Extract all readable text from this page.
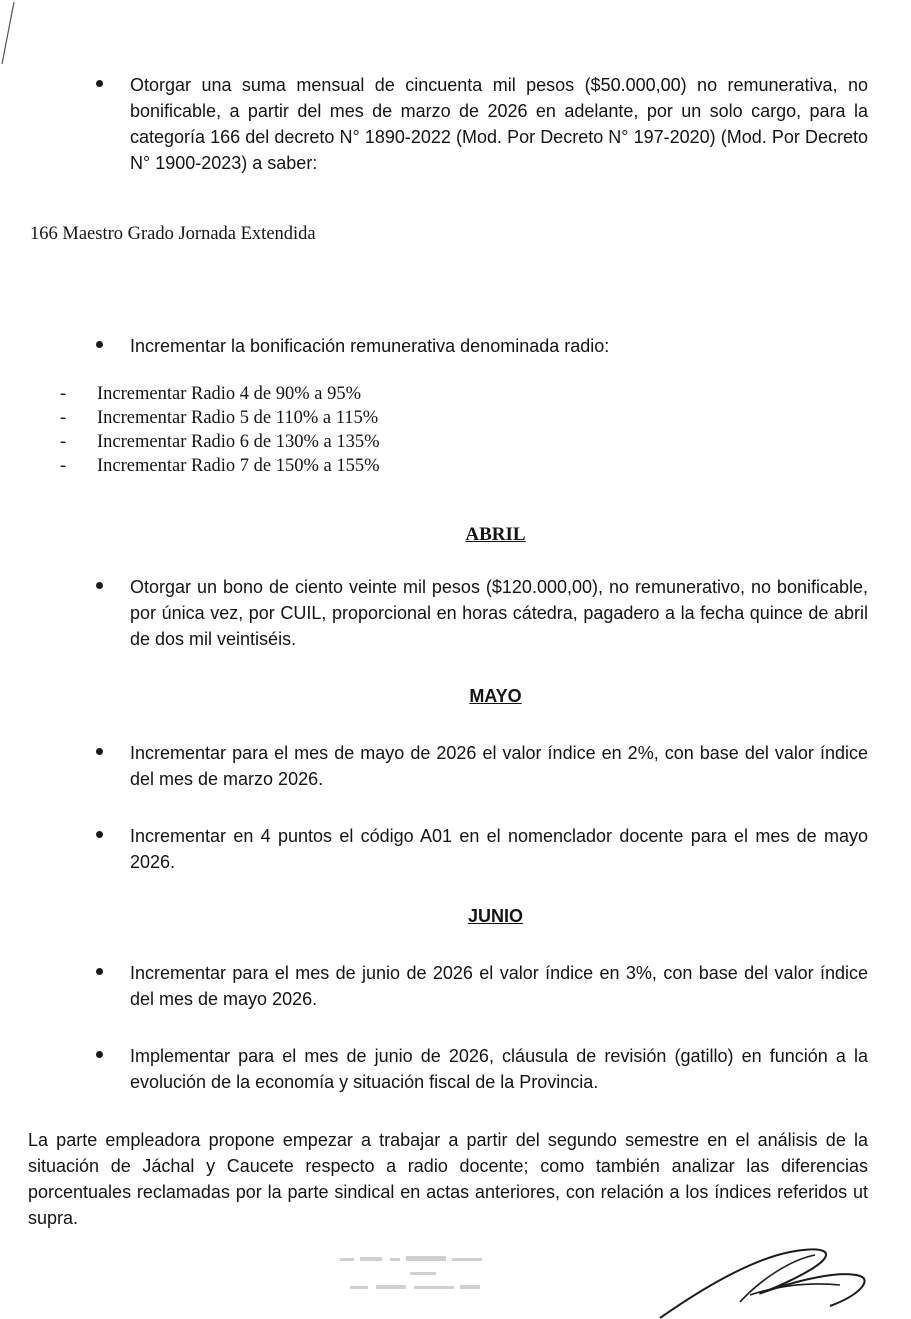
Otorgar una suma mensual de cincuenta mil pesos ($50.000,00) no remunerativa, no bonificable, a partir del mes de marzo de 2026 en adelante, por un solo cargo, para la categoría 166 del decreto N° 1890-2022 (Mod. Por Decreto N° 197-2020) (Mod. Por Decreto N° 1900-2023) a saber:
166 Maestro Grado Jornada Extendida
Incrementar la bonificación remunerativa denominada radio:
- Incrementar Radio 4 de 90% a 95%
- Incrementar Radio 5 de 110% a 115%
- Incrementar Radio 6 de 130% a 135%
- Incrementar Radio 7 de 150% a 155%
ABRIL
Otorgar un bono de ciento veinte mil pesos ($120.000,00), no remunerativo, no bonificable, por única vez, por CUIL, proporcional en horas cátedra, pagadero a la fecha quince de abril de dos mil veintiséis.
MAYO
Incrementar para el mes de mayo de 2026 el valor índice en 2%, con base del valor índice del mes de marzo 2026.
Incrementar en 4 puntos el código A01 en el nomenclador docente para el mes de mayo 2026.
JUNIO
Incrementar para el mes de junio de 2026 el valor índice en 3%, con base del valor índice del mes de mayo 2026.
Implementar para el mes de junio de 2026, cláusula de revisión (gatillo) en función a la evolución de la economía y situación fiscal de la Provincia.
La parte empleadora propone empezar a trabajar a partir del segundo semestre en el análisis de la situación de Jáchal y Caucete respecto a radio docente; como también analizar las diferencias porcentuales reclamadas por la parte sindical en actas anteriores, con relación a los índices referidos ut supra.
